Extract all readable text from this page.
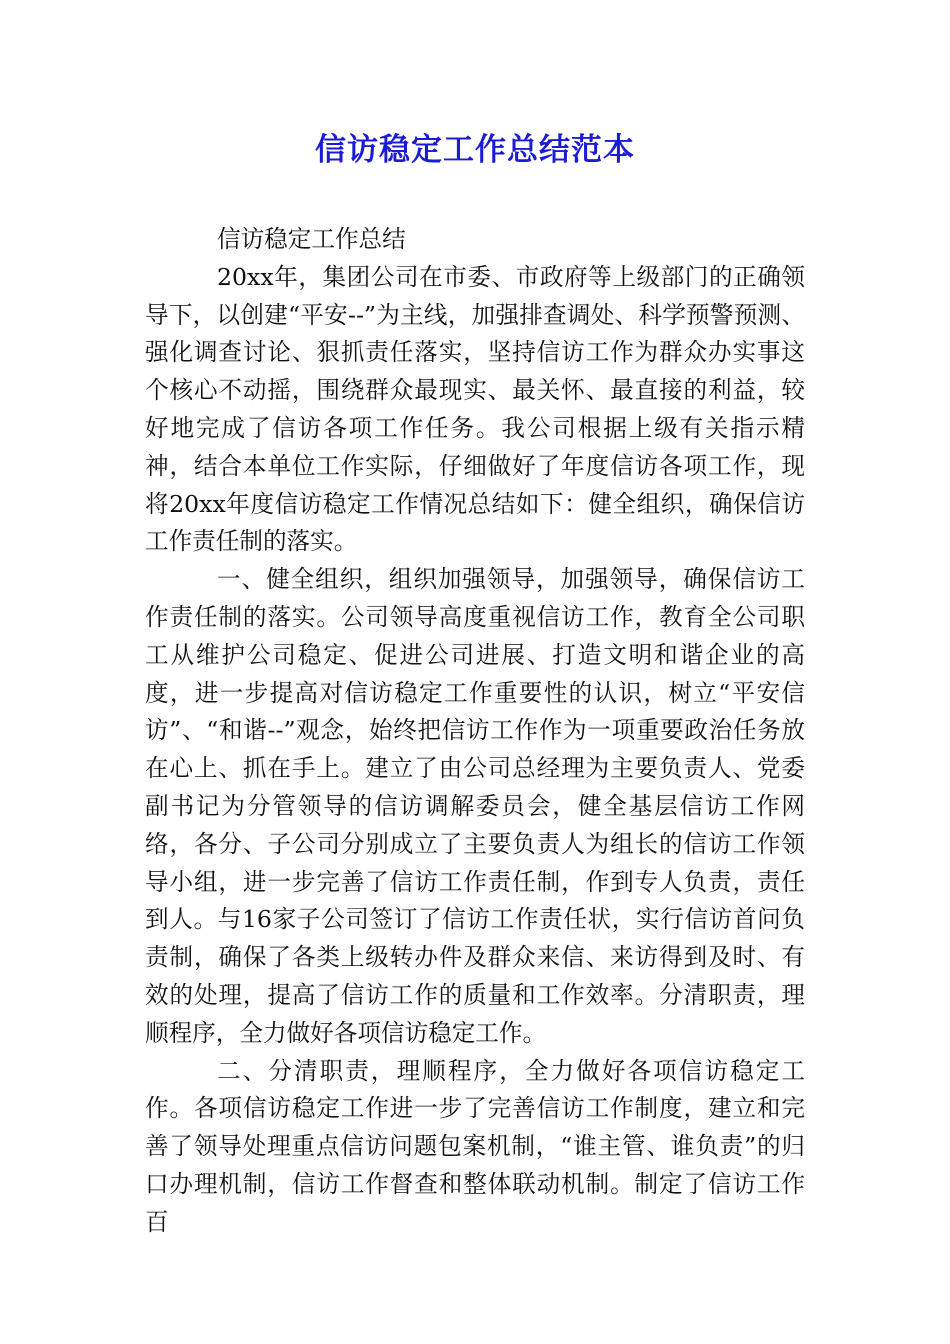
信访稳定工作总结范本

信访稳定工作总结

20xx年，集团公司在市委、市政府等上级部门的正确领导下，以创建“平安--”为主线，加强排查调处、科学预警预测、强化调查讨论、狠抓责任落实，坚持信访工作为群众办实事这个核心不动摇，围绕群众最现实、最关怀、最直接的利益，较好地完成了信访各项工作任务。我公司根据上级有关指示精神，结合本单位工作实际，仔细做好了年度信访各项工作，现将20xx年度信访稳定工作情况总结如下：健全组织，确保信访工作责任制的落实。

一、健全组织，组织加强领导，加强领导，确保信访工作责任制的落实。公司领导高度重视信访工作，教育全公司职工从维护公司稳定、促进公司进展、打造文明和谐企业的高度，进一步提高对信访稳定工作重要性的认识，树立“平安信访”、“和谐--”观念，始终把信访工作作为一项重要政治任务放在心上、抓在手上。建立了由公司总经理为主要负责人、党委副书记为分管领导的信访调解委员会，健全基层信访工作网络，各分、子公司分别成立了主要负责人为组长的信访工作领导小组，进一步完善了信访工作责任制，作到专人负责，责任到人。与16家子公司签订了信访工作责任状，实行信访首问负责制，确保了各类上级转办件及群众来信、来访得到及时、有效的处理，提高了信访工作的质量和工作效率。分清职责，理顺程序，全力做好各项信访稳定工作。

二、分清职责，理顺程序，全力做好各项信访稳定工作。各项信访稳定工作进一步了完善信访工作制度，建立和完善了领导处理重点信访问题包案机制，“谁主管、谁负责”的归口办理机制，信访工作督查和整体联动机制。制定了信访工作百
